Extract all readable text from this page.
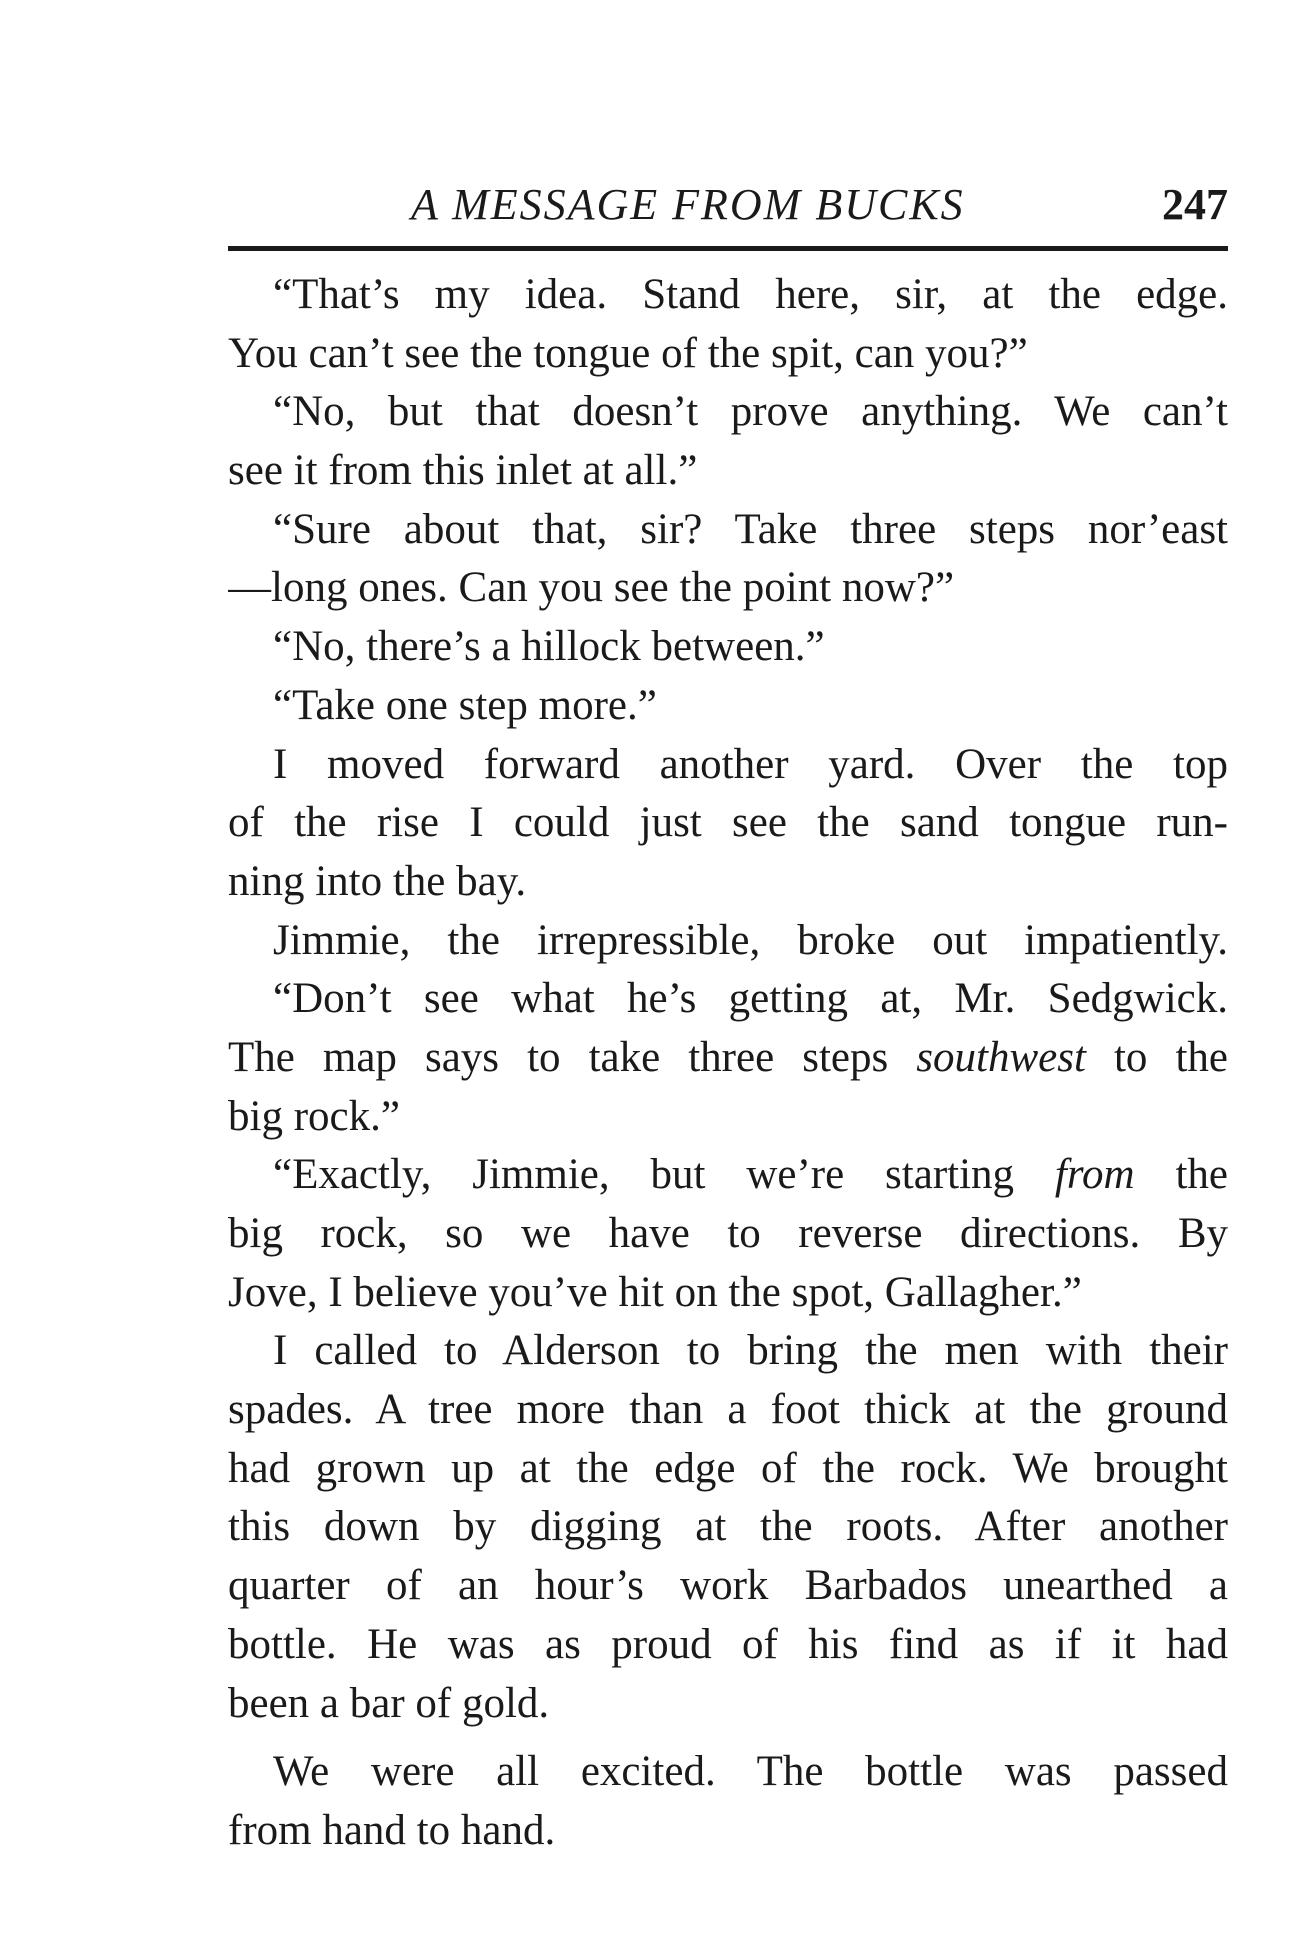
A MESSAGE FROM BUCKS	247
“That’s my idea. Stand here, sir, at the edge.
You can’t see the tongue of the spit, can you?”
“No, but that doesn’t prove anything. We can’t
see it from this inlet at all.”
“Sure about that, sir? Take three steps nor’east
—long ones. Can you see the point now?”
“No, there’s a hillock between.”
“Take one step more.”
I moved forward another yard. Over the top
of the rise I could just see the sand tongue run-
ning into the bay.
Jimmie, the irrepressible, broke out impatiently.
“Don’t see what he’s getting at, Mr. Sedgwick.
The map says to take three steps southwest to the
big rock.”
“Exactly, Jimmie, but we’re starting from the
big rock, so we have to reverse directions. By
Jove, I believe you’ve hit on the spot, Gallagher.”
I called to Alderson to bring the men with their
spades. A tree more than a foot thick at the ground
had grown up at the edge of the rock. We brought
this down by digging at the roots. After another
quarter of an hour’s work Barbados unearthed a
bottle. He was as proud of his find as if it had
been a bar of gold.
We were all excited. The bottle was passed
from hand to hand.
